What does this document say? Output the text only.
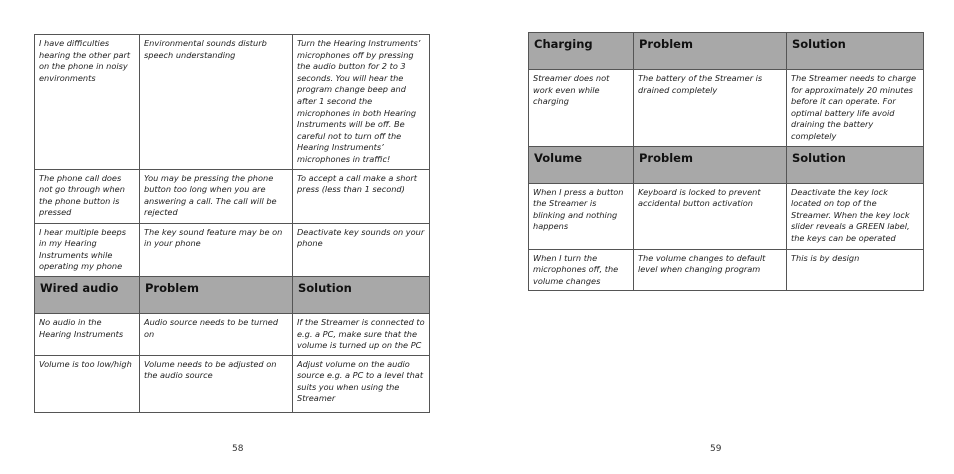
I have difficulties hearing the other part on the phone in noisy environments	Environmental sounds disturb speech understanding	Turn the Hearing Instruments’ microphones off by pressing the audio button for 2 to 3 seconds. You will hear the program change beep and after 1 second the microphones in both Hearing Instruments will be off. Be careful not to turn off the Hearing Instruments’ microphones in traffic!
The phone call does not go through when the phone button is pressed	You may be pressing the phone button too long when you are answering a call. The call will be rejected	To accept a call make a short press (less than 1 second)
I hear multiple beeps in my Hearing Instruments while operating my phone	The key sound feature may be on in your phone	Deactivate key sounds on your phone
Wired audio	Problem	Solution
No audio in the Hearing Instruments	Audio source needs to be turned on	If the Streamer is connected to e.g. a PC, make sure that the volume is turned up on the PC
Volume is too low/high	Volume needs to be adjusted on the audio source	Adjust volume on the audio source e.g. a PC to a level that suits you when using the Streamer
58
Charging	Problem	Solution
Streamer does not work even while charging	The battery of the Streamer is drained completely	The Streamer needs to charge for approximately 20 minutes before it can operate. For optimal battery life avoid draining the battery completely
Volume	Problem	Solution
When I press a button the Streamer is blinking and nothing happens	Keyboard is locked to prevent accidental button activation	Deactivate the key lock located on top of the Streamer. When the key lock slider reveals a GREEN label, the keys can be operated
When I turn the microphones off, the volume changes	The volume changes to default level when changing program	This is by design
59
